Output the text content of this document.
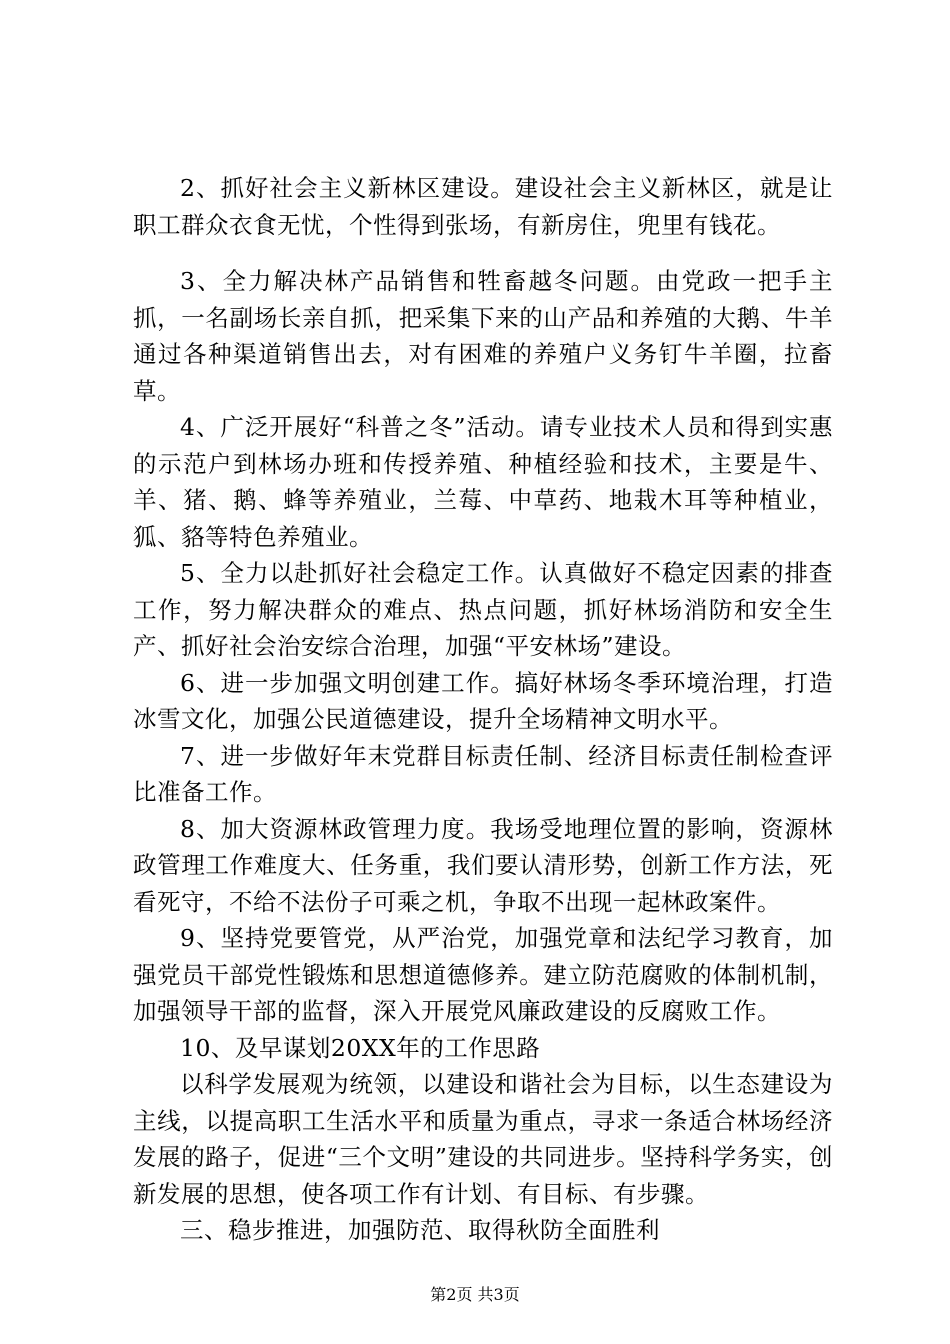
2、抓好社会主义新林区建设。建设社会主义新林区，就是让职工群众衣食无忧，个性得到张场，有新房住，兜里有钱花。

3、全力解决林产品销售和牲畜越冬问题。由党政一把手主抓，一名副场长亲自抓，把采集下来的山产品和养殖的大鹅、牛羊通过各种渠道销售出去，对有困难的养殖户义务钉牛羊圈，拉畜草。

4、广泛开展好“科普之冬”活动。请专业技术人员和得到实惠的示范户到林场办班和传授养殖、种植经验和技术，主要是牛、羊、猪、鹅、蜂等养殖业，兰莓、中草药、地栽木耳等种植业，狐、貉等特色养殖业。

5、全力以赴抓好社会稳定工作。认真做好不稳定因素的排查工作，努力解决群众的难点、热点问题，抓好林场消防和安全生产、抓好社会治安综合治理，加强“平安林场”建设。

6、进一步加强文明创建工作。搞好林场冬季环境治理，打造冰雪文化，加强公民道德建设，提升全场精神文明水平。

7、进一步做好年末党群目标责任制、经济目标责任制检查评比准备工作。

8、加大资源林政管理力度。我场受地理位置的影响，资源林政管理工作难度大、任务重，我们要认清形势，创新工作方法，死看死守，不给不法份子可乘之机，争取不出现一起林政案件。

9、坚持党要管党，从严治党，加强党章和法纪学习教育，加强党员干部党性锻炼和思想道德修养。建立防范腐败的体制机制，加强领导干部的监督，深入开展党风廉政建设的反腐败工作。

10、及早谋划20XX年的工作思路

以科学发展观为统领，以建设和谐社会为目标，以生态建设为主线，以提高职工生活水平和质量为重点，寻求一条适合林场经济发展的路子，促进“三个文明”建设的共同进步。坚持科学务实，创新发展的思想，使各项工作有计划、有目标、有步骤。

三、稳步推进，加强防范、取得秋防全面胜利

第2页 共3页
